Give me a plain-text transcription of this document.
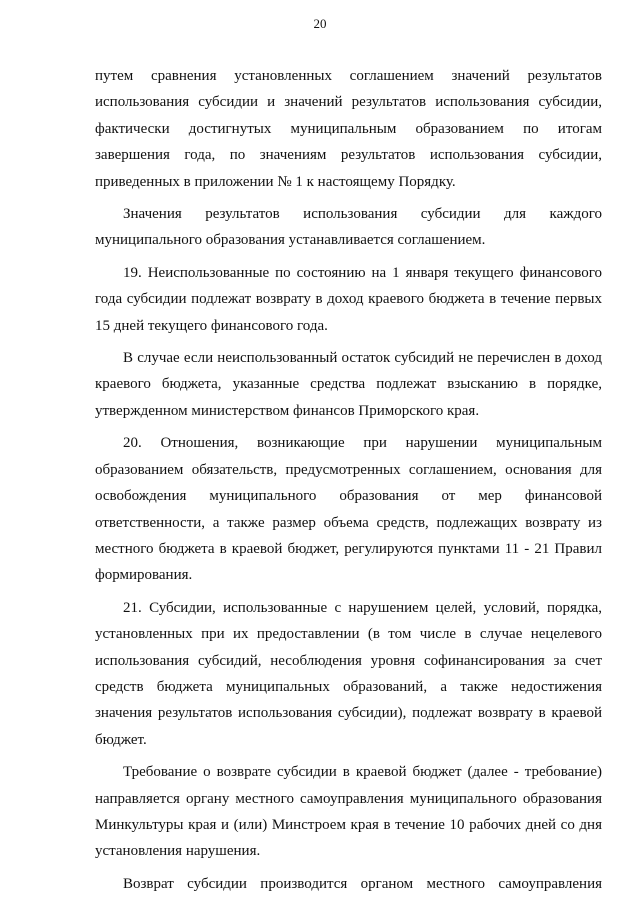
20

путем сравнения установленных соглашением значений результатов использования субсидии и значений результатов использования субсидии, фактически достигнутых муниципальным образованием по итогам завершения года, по значениям результатов использования субсидии, приведенных в приложении № 1 к настоящему Порядку.

Значения результатов использования субсидии для каждого муниципального образования устанавливается соглашением.

19. Неиспользованные по состоянию на 1 января текущего финансового года субсидии подлежат возврату в доход краевого бюджета в течение первых 15 дней текущего финансового года.

В случае если неиспользованный остаток субсидий не перечислен в доход краевого бюджета, указанные средства подлежат взысканию в порядке, утвержденном министерством финансов Приморского края.

20. Отношения, возникающие при нарушении муниципальным образованием обязательств, предусмотренных соглашением, основания для освобождения муниципального образования от мер финансовой ответственности, а также размер объема средств, подлежащих возврату из местного бюджета в краевой бюджет, регулируются пунктами 11 - 21 Правил формирования.

21. Субсидии, использованные с нарушением целей, условий, порядка, установленных при их предоставлении (в том числе в случае нецелевого использования субсидий, несоблюдения уровня софинансирования за счет средств бюджета муниципальных образований, а также недостижения значения результатов использования субсидии), подлежат возврату в краевой бюджет.

Требование о возврате субсидии в краевой бюджет (далее - требование) направляется органу местного самоуправления муниципального образования Минкультуры края и (или) Минстроем края в течение 10 рабочих дней со дня установления нарушения.

Возврат субсидии производится органом местного самоуправления
